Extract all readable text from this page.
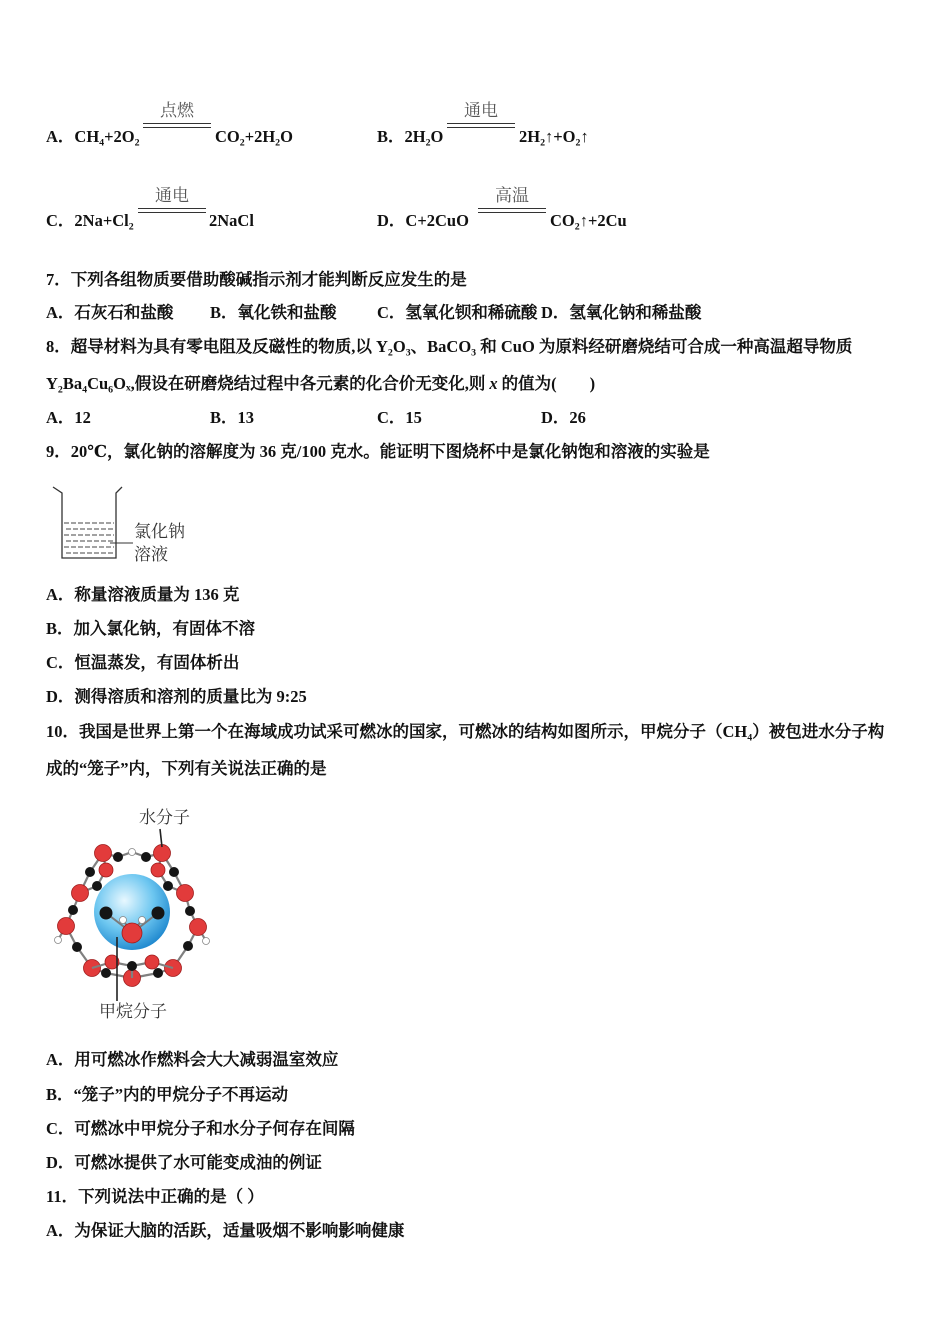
A．CH₄+2O₂
点燃
CO₂+2H₂O	B．2H₂O
通电
2H₂↑+O₂↑
C．2Na+Cl₂
通电
2NaCl	D．C+2CuO
高温
CO₂↑+2Cu
7．下列各组物质要借助酸碱指示剂才能判断反应发生的是
A．石灰石和盐酸 B．氧化铁和盐酸 C．氢氧化钡和稀硫酸 D．氢氧化钠和稀盐酸
8．超导材料为具有零电阻及反磁性的物质,以 Y₂O₃、BaCO₃ 和 CuO 为原料经研磨烧结可合成一种高温超导物质
Y₂Ba₄Cu₆Oₓ,假设在研磨烧结过程中各元素的化合价无变化,则 x 的值为(　　)
A．12	B．13	C．15	D．26
9．20℃，氯化钠的溶解度为 36 克/100 克水。能证明下图烧杯中是氯化钠饱和溶液的实验是
氯化钠
溶液
A．称量溶液质量为 136 克
B．加入氯化钠，有固体不溶
C．恒温蒸发，有固体析出
D．测得溶质和溶剂的质量比为 9:25
10．我国是世界上第一个在海域成功试采可燃冰的国家，可燃冰的结构如图所示，甲烷分子（CH₄）被包进水分子构
成的“笼子”内，下列有关说法正确的是
水分子
甲烷分子
A．用可燃冰作燃料会大大减弱温室效应
B．“笼子”内的甲烷分子不再运动
C．可燃冰中甲烷分子和水分子何存在间隔
D．可燃冰提供了水可能变成油的例证
11．下列说法中正确的是（ ）
A．为保证大脑的活跃，适量吸烟不影响影响健康
